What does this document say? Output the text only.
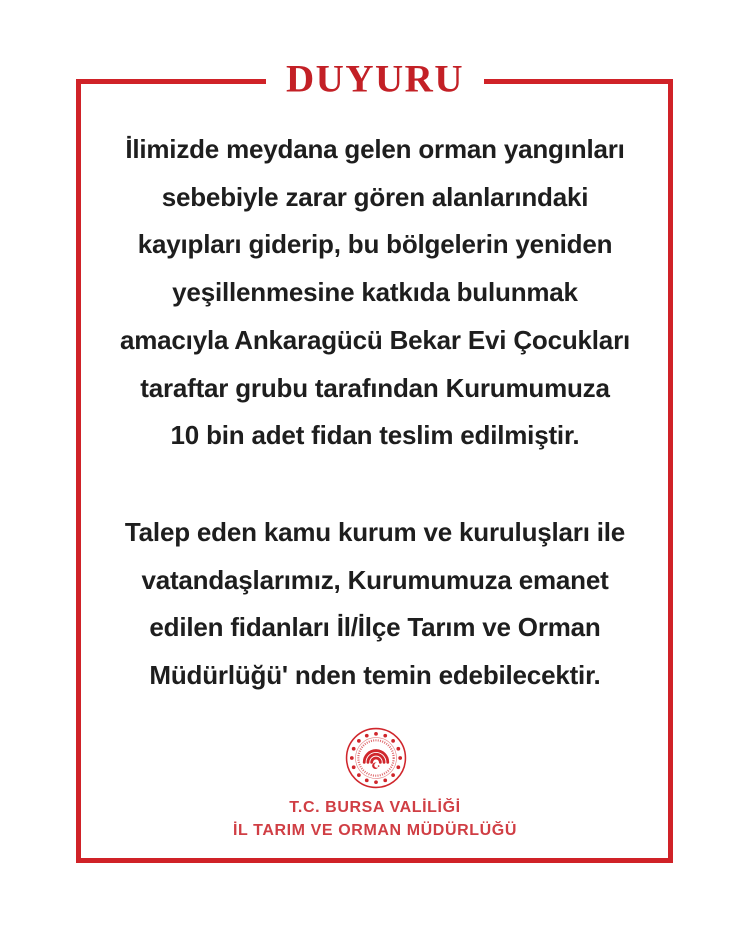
DUYURU
İlimizde meydana gelen orman yangınları
sebebiyle zarar gören alanlarındaki
kayıpları giderip, bu bölgelerin yeniden
yeşillenmesine katkıda bulunmak
amacıyla Ankaragücü Bekar Evi Çocukları
taraftar grubu tarafından Kurumumuza
10 bin adet fidan teslim edilmiştir.
Talep eden kamu kurum ve kuruluşları ile
vatandaşlarımız, Kurumumuza emanet
edilen fidanları İl/İlçe Tarım ve Orman
Müdürlüğü' nden temin edebilecektir.
T.C. BURSA VALİLİĞİ
İL TARIM VE ORMAN MÜDÜRLÜĞÜ
